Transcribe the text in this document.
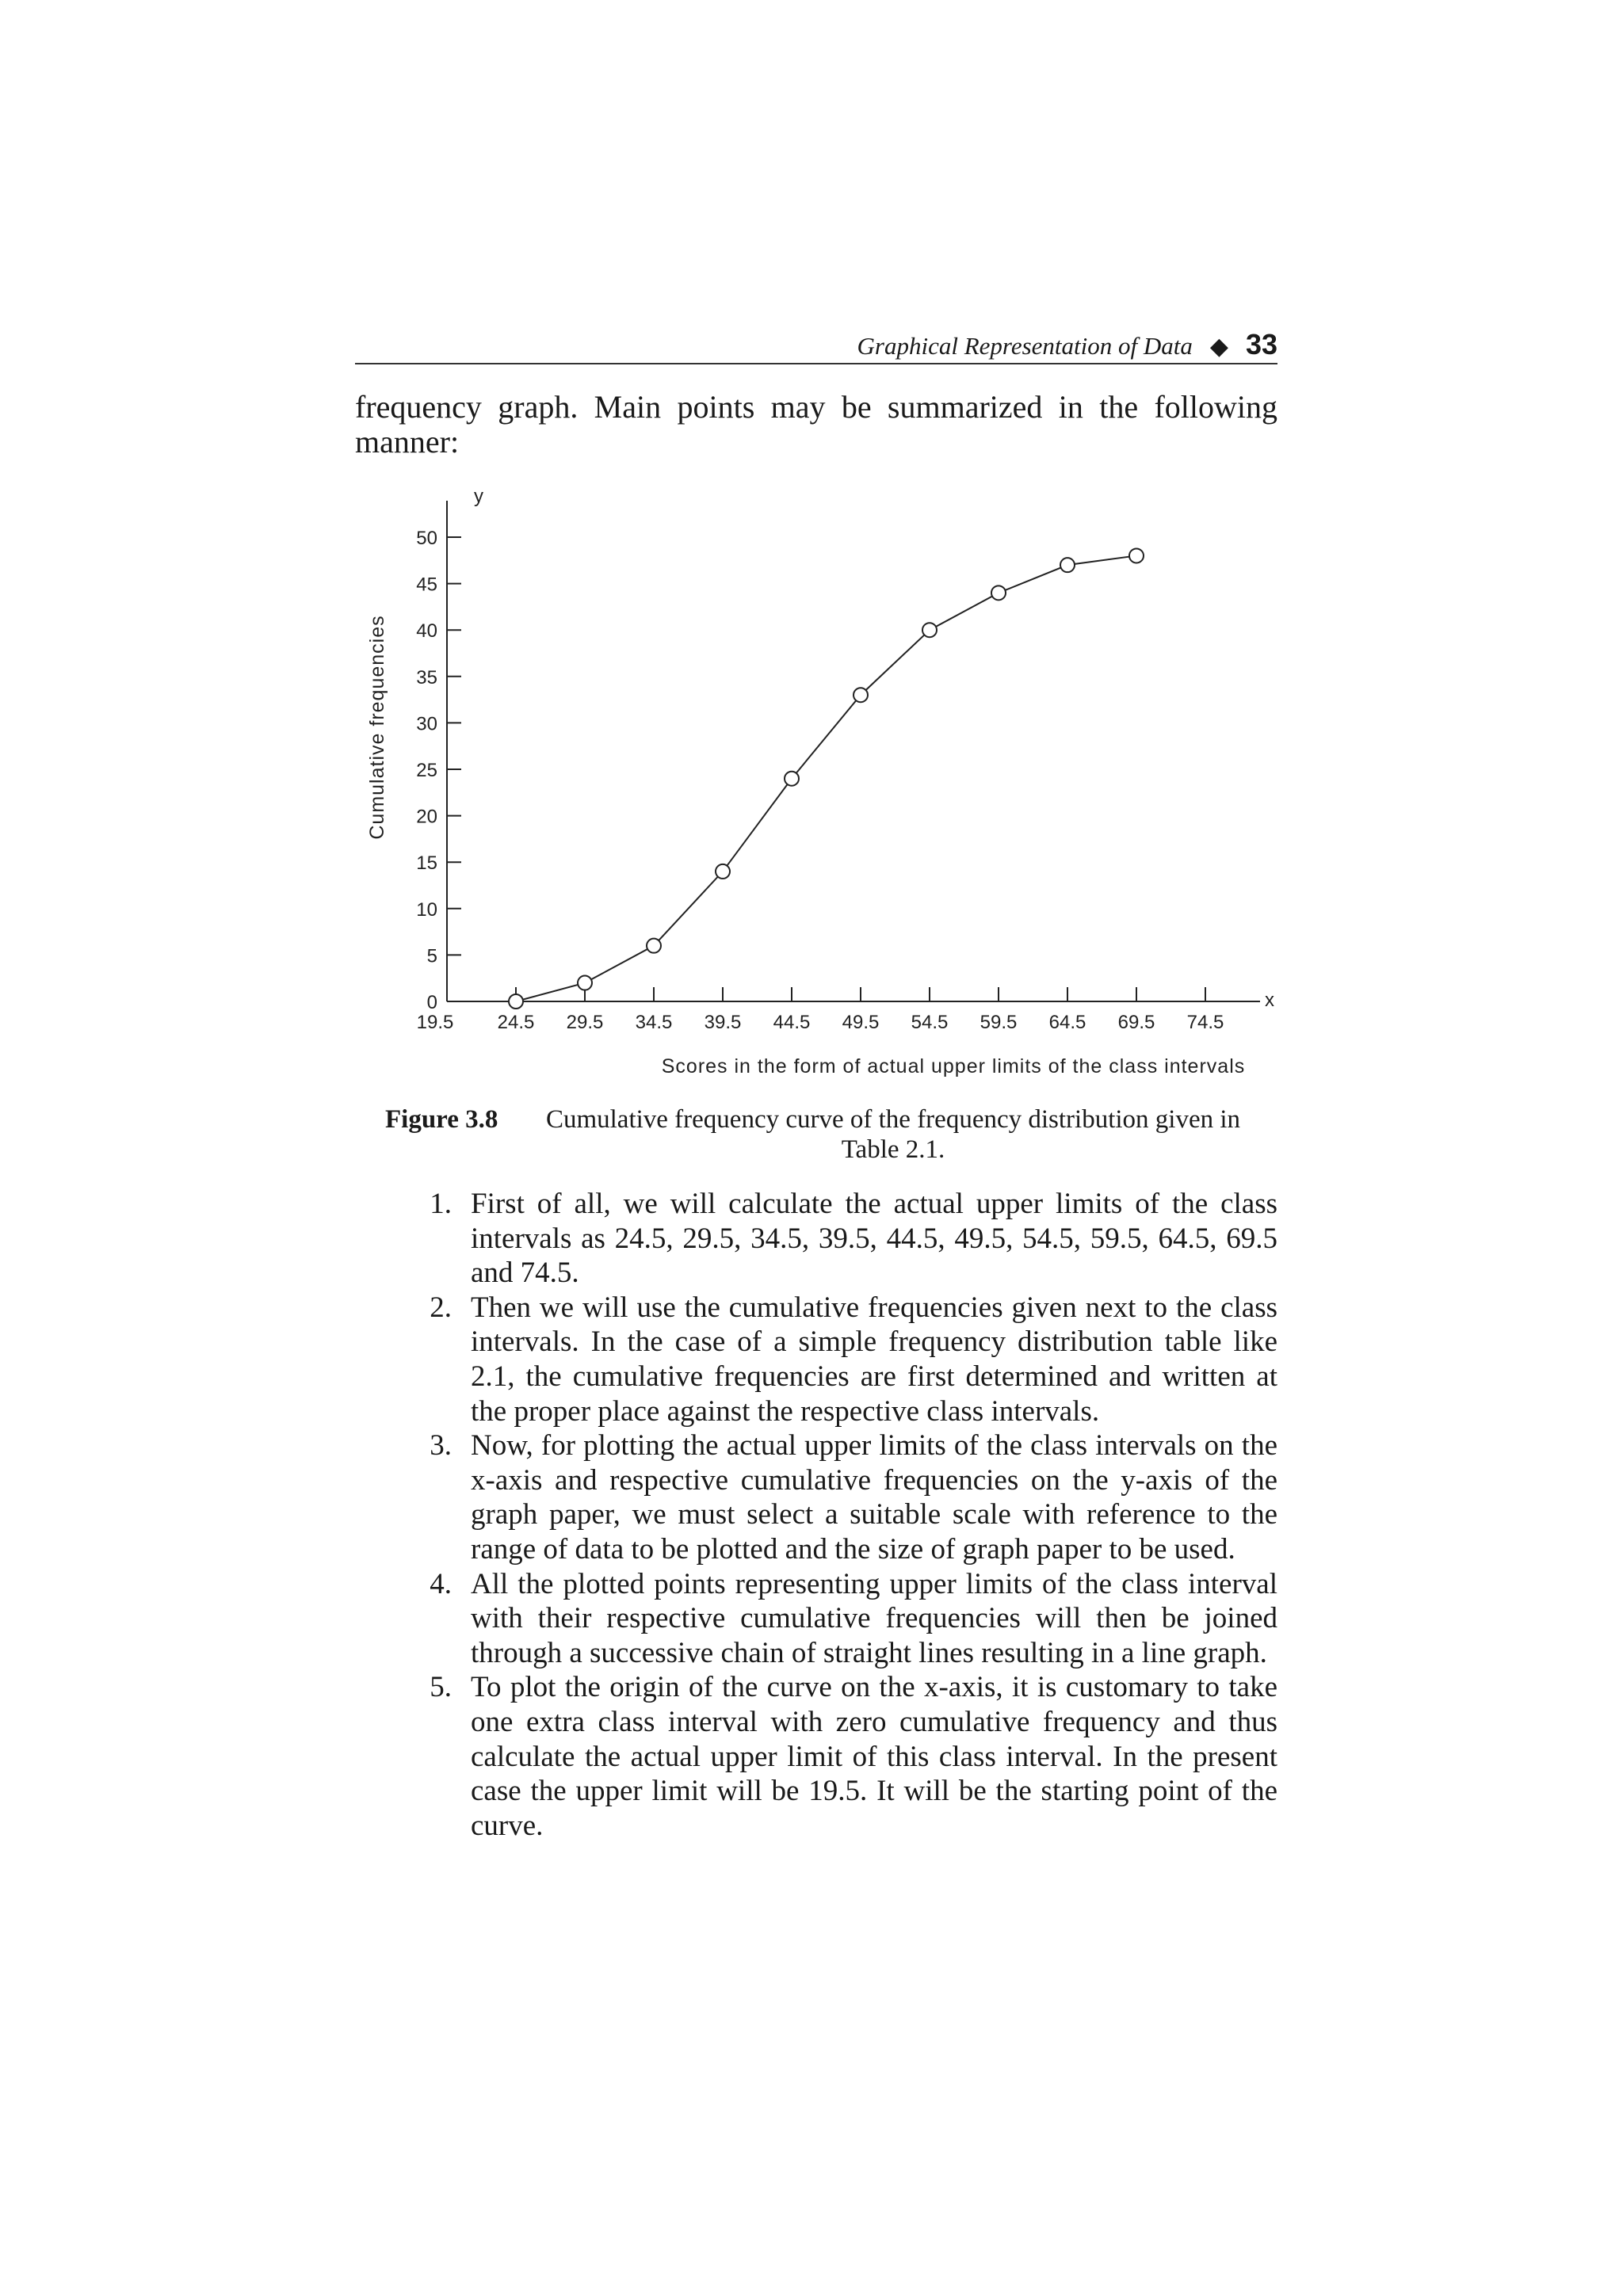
Graphical Representation of Data ◆ 33

frequency graph. Main points may be summarized in the following manner:

y
x
Cumulative frequencies
Scores in the form of actual upper limits of the class intervals
0
5
10
15
20
25
30
35
40
45
50
19.5 24.5 29.5 34.5 39.5 44.5 49.5 54.5 59.5 64.5 69.5 74.5
Figure 3.8 Cumulative frequency curve of the frequency distribution given in Table 2.1.
1. First of all, we will calculate the actual upper limits of the class intervals as 24.5, 29.5, 34.5, 39.5, 44.5, 49.5, 54.5, 59.5, 64.5, 69.5 and 74.5.
2. Then we will use the cumulative frequencies given next to the class intervals. In the case of a simple frequency distribution table like 2.1, the cumulative frequencies are first determined and written at the proper place against the respective class intervals.
3. Now, for plotting the actual upper limits of the class intervals on the x-axis and respective cumulative frequencies on the y-axis of the graph paper, we must select a suitable scale with reference to the range of data to be plotted and the size of graph paper to be used.
4. All the plotted points representing upper limits of the class interval with their respective cumulative frequencies will then be joined through a successive chain of straight lines resulting in a line graph.
5. To plot the origin of the curve on the x-axis, it is customary to take one extra class interval with zero cumulative frequency and thus calculate the actual upper limit of this class interval. In the present case the upper limit will be 19.5. It will be the starting point of the curve.
